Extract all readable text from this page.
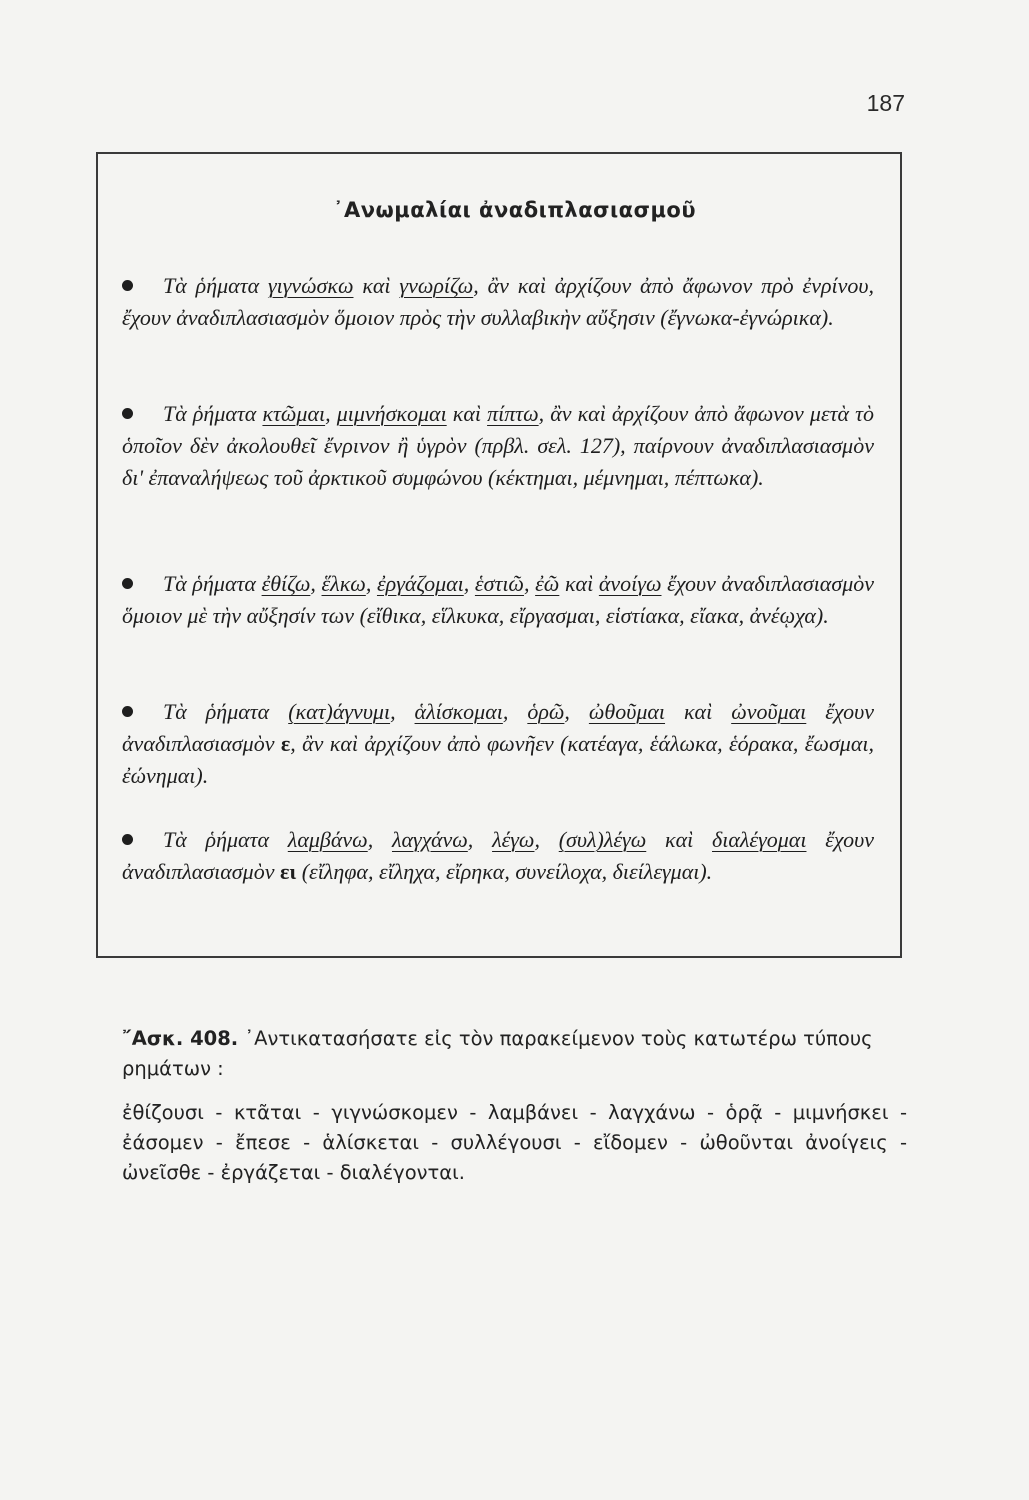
187
᾿Ανωμαλίαι ἀναδιπλασιασμοῦ
Τὰ ῥήματα γιγνώσκω καὶ γνωρίζω, ἂν καὶ ἀρχίζουν ἀπὸ ἄφωνον πρὸ ἐνρίνου, ἔχουν ἀναδιπλασιασμὸν ὅμοιον πρὸς τὴν συλλαβικὴν αὔξησιν (ἔγνωκα-ἐγνώρικα).
Τὰ ῥήματα κτῶμαι, μιμνήσκομαι καὶ πίπτω, ἂν καὶ ἀρχίζουν ἀπὸ ἄφωνον μετὰ τὸ ὁποῖον δὲν ἀκολουθεῖ ἔνρινον ἢ ὑγρὸν (πρβλ. σελ. 127), παίρνουν ἀναδιπλασιασμὸν δι' ἐπαναλήψεως τοῦ ἀρκτικοῦ συμφώνου (κέκτημαι, μέμνημαι, πέπτωκα).
Τὰ ῥήματα ἐθίζω, ἕλκω, ἐργάζομαι, ἑστιῶ, ἐῶ καὶ ἀνοίγω ἔχουν ἀναδιπλασιασμὸν ὅμοιον μὲ τὴν αὔξησίν των (εἴθικα, εἵλκυκα, εἴργασμαι, εἱστίακα, εἴακα, ἀνέῳχα).
Τὰ ῥήματα (κατ)άγνυμι, ἁλίσκομαι, ὁρῶ, ὠθοῦμαι καὶ ὠνοῦμαι ἔχουν ἀναδιπλασιασμὸν ε, ἂν καὶ ἀρχίζουν ἀπὸ φωνῆεν (κατέαγα, ἑάλωκα, ἑόρακα, ἔωσμαι, ἐώνημαι).
Τὰ ῥήματα λαμβάνω, λαγχάνω, λέγω, (συλ)λέγω καὶ διαλέγομαι ἔχουν ἀναδιπλασιασμὸν ει (εἴληφα, εἴληχα, εἴρηκα, συνείλοχα, διείλεγμαι).
῎Ασκ. 408. ᾿Αντικατασήσατε εἰς τὸν παρακείμενον τοὺς κατωτέρω τύπους ρημάτων :
ἐθίζουσι - κτᾶται - γιγνώσκομεν - λαμβάνει - λαγχάνω - ὁρᾷ - μιμνήσκει - ἐάσομεν - ἔπεσε - ἁλίσκεται - συλλέγουσι - εἴδομεν - ὠθοῦνται ἀνοίγεις - ὠνεῖσθε - ἐργάζεται - διαλέγονται.
